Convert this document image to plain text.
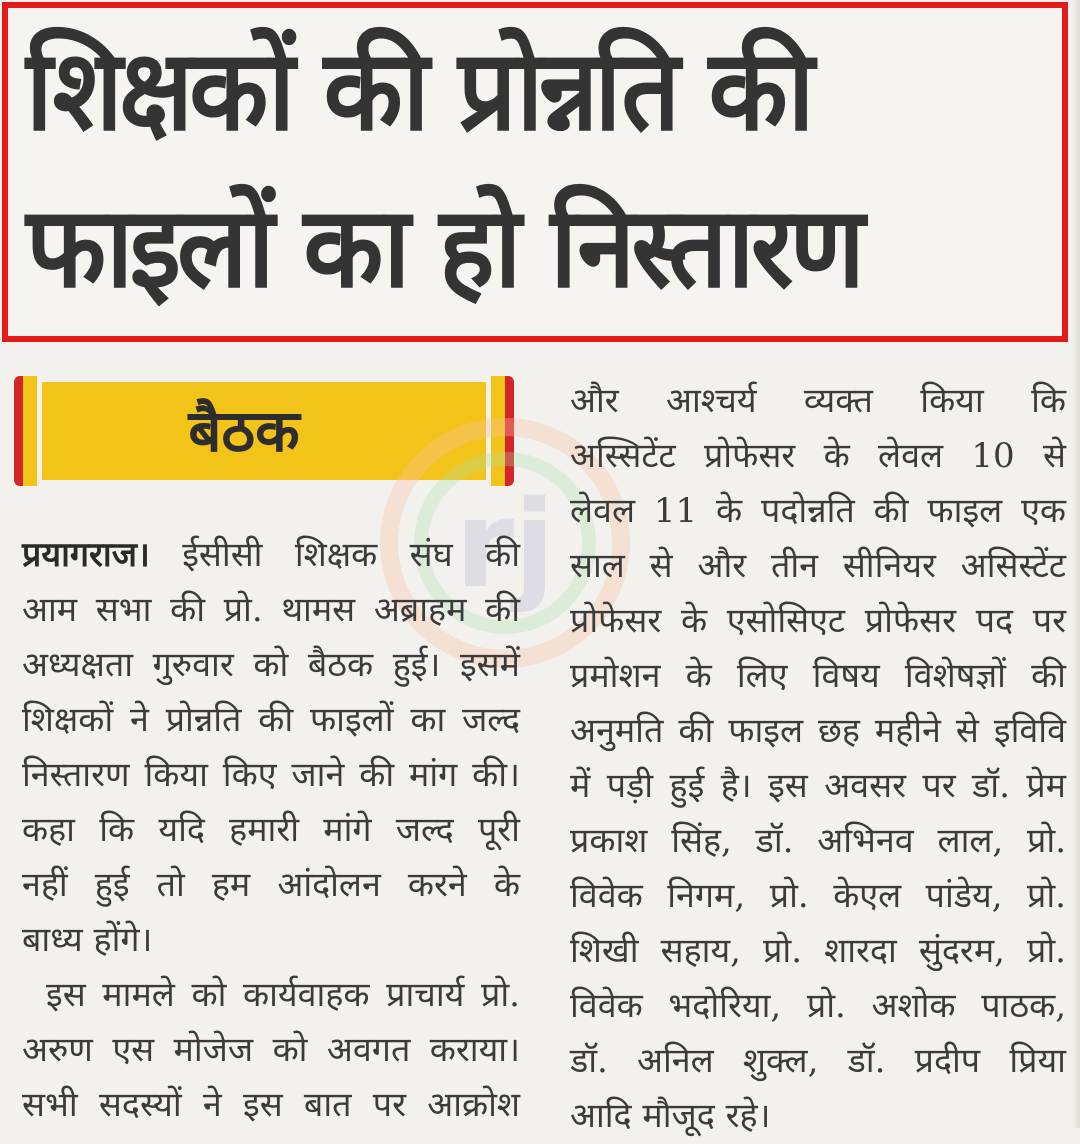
शिक्षकों की प्रोन्नति की
फाइलों का हो निस्तारण
बैठक
rj
प्रयागराज। ईसीसी शिक्षक संघ की
आम सभा की प्रो. थामस अब्राहम की
अध्यक्षता गुरुवार को बैठक हुई। इसमें
शिक्षकों ने प्रोन्नति की फाइलों का जल्द
निस्तारण किया किए जाने की मांग की।
कहा कि यदि हमारी मांगे जल्द पूरी
नहीं हुई तो हम आंदोलन करने के
बाध्य होंगे।
इस मामले को कार्यवाहक प्राचार्य प्रो.
अरुण एस मोजेज को अवगत कराया।
सभी सदस्यों ने इस बात पर आक्रोश
और आश्चर्य व्यक्त किया कि
अस्सिटेंट प्रोफेसर के लेवल 10 से
लेवल 11 के पदोन्नति की फाइल एक
साल से और तीन सीनियर असिस्टेंट
प्रोफेसर के एसोसिएट प्रोफेसर पद पर
प्रमोशन के लिए विषय विशेषज्ञों की
अनुमति की फाइल छह महीने से इविवि
में पड़ी हुई है। इस अवसर पर डॉ. प्रेम
प्रकाश सिंह, डॉ. अभिनव लाल, प्रो.
विवेक निगम, प्रो. केएल पांडेय, प्रो.
शिखी सहाय, प्रो. शारदा सुंदरम, प्रो.
विवेक भदोरिया, प्रो. अशोक पाठक,
डॉ. अनिल शुक्ल, डॉ. प्रदीप प्रिया
आदि मौजूद रहे।
